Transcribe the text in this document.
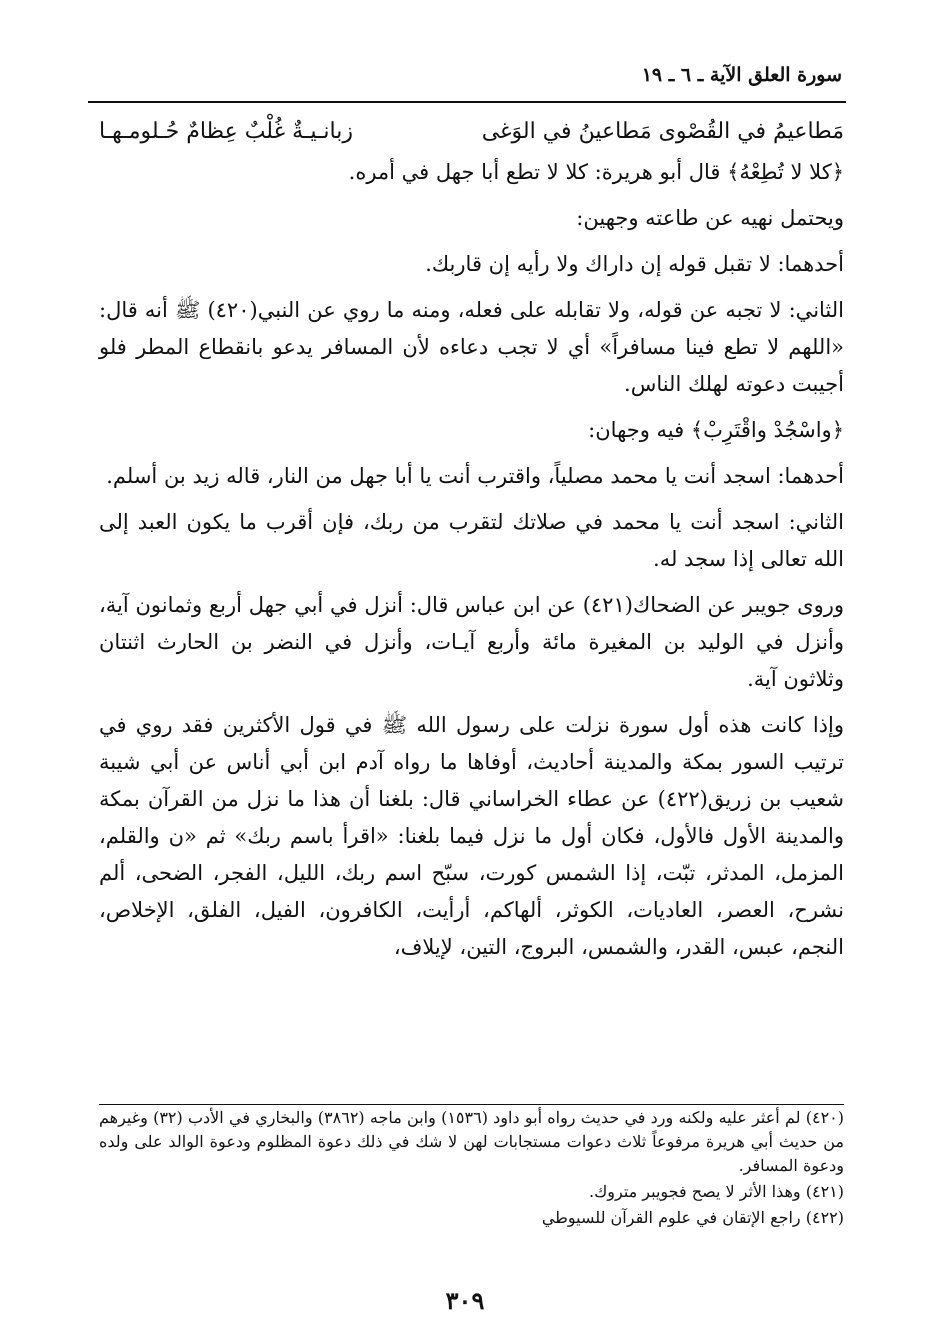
سورة العلق الآية ـ ٦ ـ ١٩
مَطاعيمُ في القُصْوى مَطاعينُ في الوَغى
زبانـيـةٌ غُلْبٌ عِظامٌ حُـلومـهـا

﴿كلا لا تُطِعْهُ﴾ قال أبو هريرة: كلا لا تطع أبا جهل في أمره.

ويحتمل نهيه عن طاعته وجهين:

أحدهما: لا تقبل قوله إن داراك ولا رأيه إن قاربك.

الثاني: لا تجبه عن قوله، ولا تقابله على فعله، ومنه ما روي عن النبي(٤٢٠) ﷺ أنه قال: «اللهم لا تطع فينا مسافراً» أي لا تجب دعاءه لأن المسافر يدعو بانقطاع المطر فلو أجيبت دعوته لهلك الناس.

﴿واسْجُدْ واقْتَرِبْ﴾ فيه وجهان:

أحدهما: اسجد أنت يا محمد مصلياً، واقترب أنت يا أبا جهل من النار، قاله زيد بن أسلم.

الثاني: اسجد أنت يا محمد في صلاتك لتقرب من ربك، فإن أقرب ما يكون العبد إلى الله تعالى إذا سجد له.

وروى جويبر عن الضحاك(٤٢١) عن ابن عباس قال: أنزل في أبي جهل أربع وثمانون آية، وأنزل في الوليد بن المغيرة مائة وأربع آيـات، وأنزل في النضر بن الحارث اثنتان وثلاثون آية.

وإذا كانت هذه أول سورة نزلت على رسول الله ﷺ في قول الأكثرين فقد روي في ترتيب السور بمكة والمدينة أحاديث، أوفاها ما رواه آدم ابن أبي أناس عن أبي شيبة شعيب بن زريق(٤٢٢) عن عطاء الخراساني قال: بلغنا أن هذا ما نزل من القرآن بمكة والمدينة الأول فالأول، فكان أول ما نزل فيما بلغنا: «اقرأ باسم ربك» ثم «ن والقلم، المزمل، المدثر، تبّت، إذا الشمس كورت، سبّح اسم ربك، الليل، الفجر، الضحى، ألم نشرح، العصر، العاديات، الكوثر، ألهاكم، أرأيت، الكافرون، الفيل، الفلق، الإخلاص، النجم، عبس، القدر، والشمس، البروج، التين، لإيلاف،

(٤٢٠) لم أعثر عليه ولكنه ورد في حديث رواه أبو داود (١٥٣٦) وابن ماجه (٣٨٦٢) والبخاري في الأدب (٣٢) وغيرهم من حديث أبي هريرة مرفوعاً ثلاث دعوات مستجابات لهن لا شك في ذلك دعوة المظلوم ودعوة الوالد على ولده ودعوة المسافر.

(٤٢١) وهذا الأثر لا يصح فجويبر متروك.

(٤٢٢) راجع الإتقان في علوم القرآن للسيوطي

٣٠٩
